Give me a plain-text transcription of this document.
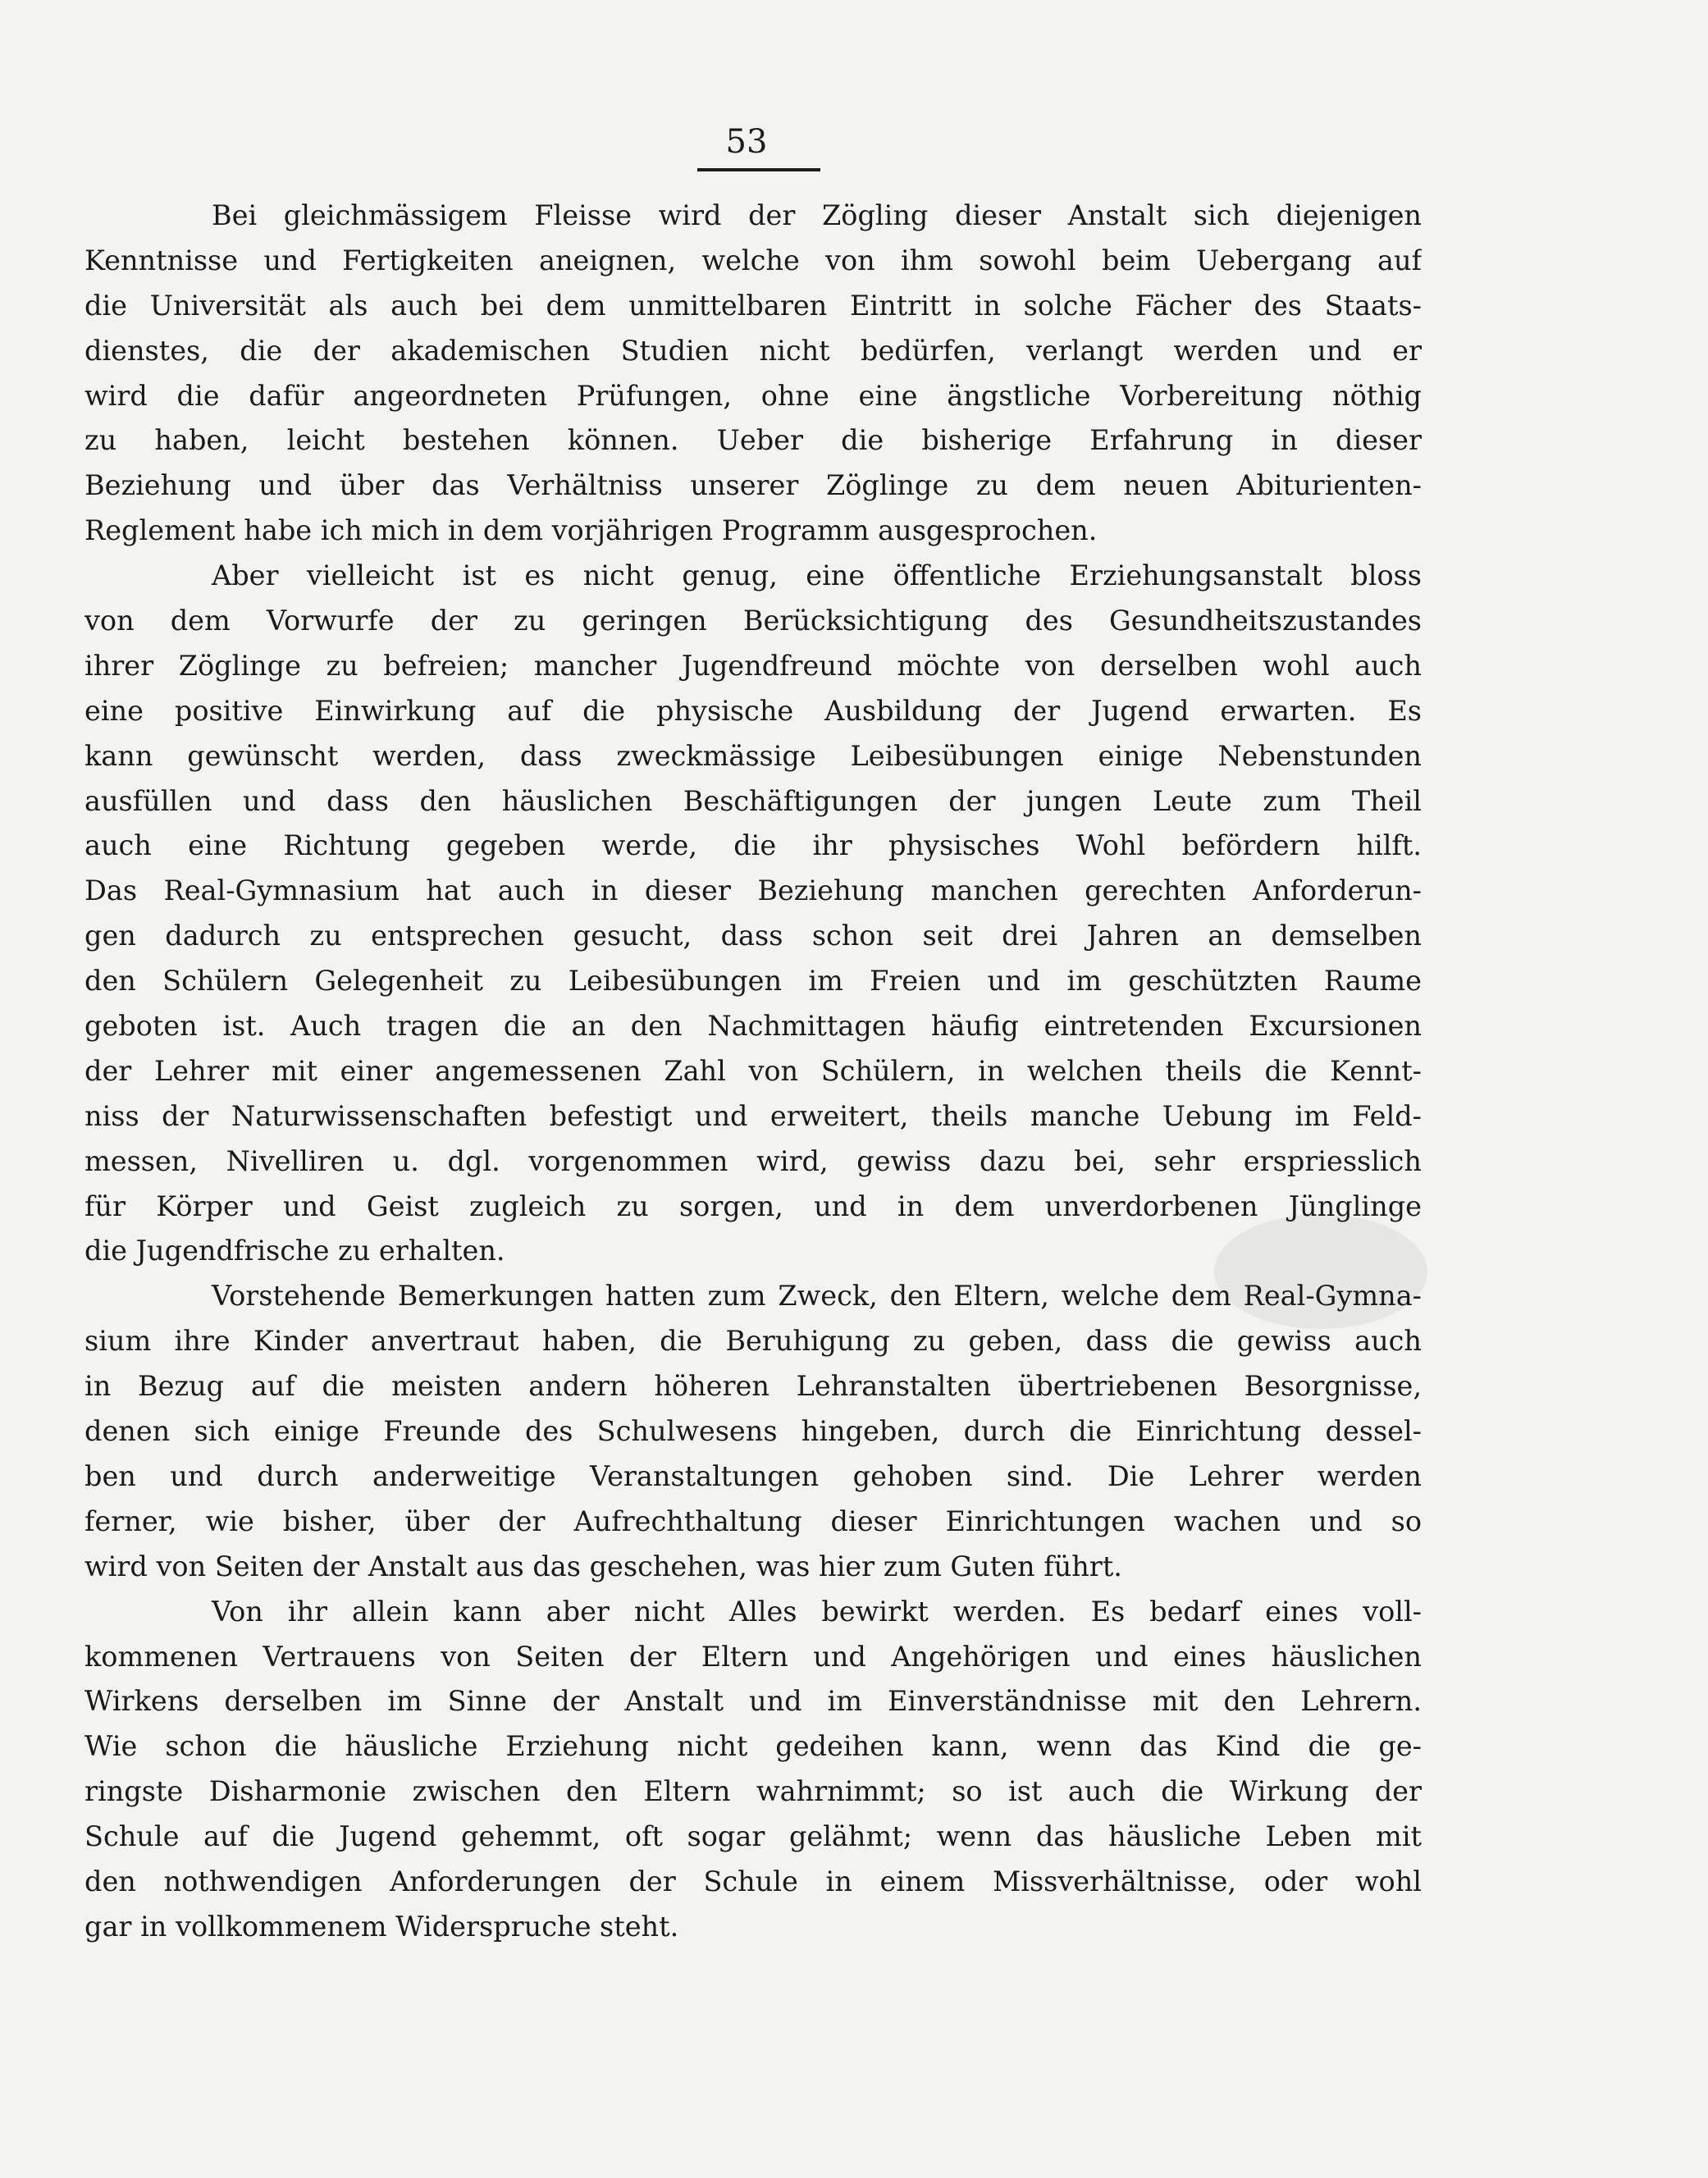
53

Bei gleichmässigem Fleisse wird der Zögling dieser Anstalt sich diejenigen
Kenntnisse und Fertigkeiten aneignen, welche von ihm sowohl beim Uebergang auf
die Universität als auch bei dem unmittelbaren Eintritt in solche Fächer des Staats-
dienstes, die der akademischen Studien nicht bedürfen, verlangt werden und er
wird die dafür angeordneten Prüfungen, ohne eine ängstliche Vorbereitung nöthig
zu haben, leicht bestehen können. Ueber die bisherige Erfahrung in dieser
Beziehung und über das Verhältniss unserer Zöglinge zu dem neuen Abiturienten-
Reglement habe ich mich in dem vorjährigen Programm ausgesprochen.

Aber vielleicht ist es nicht genug, eine öffentliche Erziehungsanstalt bloss
von dem Vorwurfe der zu geringen Berücksichtigung des Gesundheitszustandes
ihrer Zöglinge zu befreien; mancher Jugendfreund möchte von derselben wohl auch
eine positive Einwirkung auf die physische Ausbildung der Jugend erwarten. Es
kann gewünscht werden, dass zweckmässige Leibesübungen einige Nebenstunden
ausfüllen und dass den häuslichen Beschäftigungen der jungen Leute zum Theil
auch eine Richtung gegeben werde, die ihr physisches Wohl befördern hilft.
Das Real-Gymnasium hat auch in dieser Beziehung manchen gerechten Anforderun-
gen dadurch zu entsprechen gesucht, dass schon seit drei Jahren an demselben
den Schülern Gelegenheit zu Leibesübungen im Freien und im geschützten Raume
geboten ist. Auch tragen die an den Nachmittagen häufig eintretenden Excursionen
der Lehrer mit einer angemessenen Zahl von Schülern, in welchen theils die Kennt-
niss der Naturwissenschaften befestigt und erweitert, theils manche Uebung im Feld-
messen, Nivelliren u. dgl. vorgenommen wird, gewiss dazu bei, sehr erspriesslich
für Körper und Geist zugleich zu sorgen, und in dem unverdorbenen Jünglinge
die Jugendfrische zu erhalten.

Vorstehende Bemerkungen hatten zum Zweck, den Eltern, welche dem Real-Gymna-
sium ihre Kinder anvertraut haben, die Beruhigung zu geben, dass die gewiss auch
in Bezug auf die meisten andern höheren Lehranstalten übertriebenen Besorgnisse,
denen sich einige Freunde des Schulwesens hingeben, durch die Einrichtung dessel-
ben und durch anderweitige Veranstaltungen gehoben sind. Die Lehrer werden
ferner, wie bisher, über der Aufrechthaltung dieser Einrichtungen wachen und so
wird von Seiten der Anstalt aus das geschehen, was hier zum Guten führt.

Von ihr allein kann aber nicht Alles bewirkt werden. Es bedarf eines voll-
kommenen Vertrauens von Seiten der Eltern und Angehörigen und eines häuslichen
Wirkens derselben im Sinne der Anstalt und im Einverständnisse mit den Lehrern.
Wie schon die häusliche Erziehung nicht gedeihen kann, wenn das Kind die ge-
ringste Disharmonie zwischen den Eltern wahrnimmt; so ist auch die Wirkung der
Schule auf die Jugend gehemmt, oft sogar gelähmt; wenn das häusliche Leben mit
den nothwendigen Anforderungen der Schule in einem Missverhältnisse, oder wohl
gar in vollkommenem Widerspruche steht.
